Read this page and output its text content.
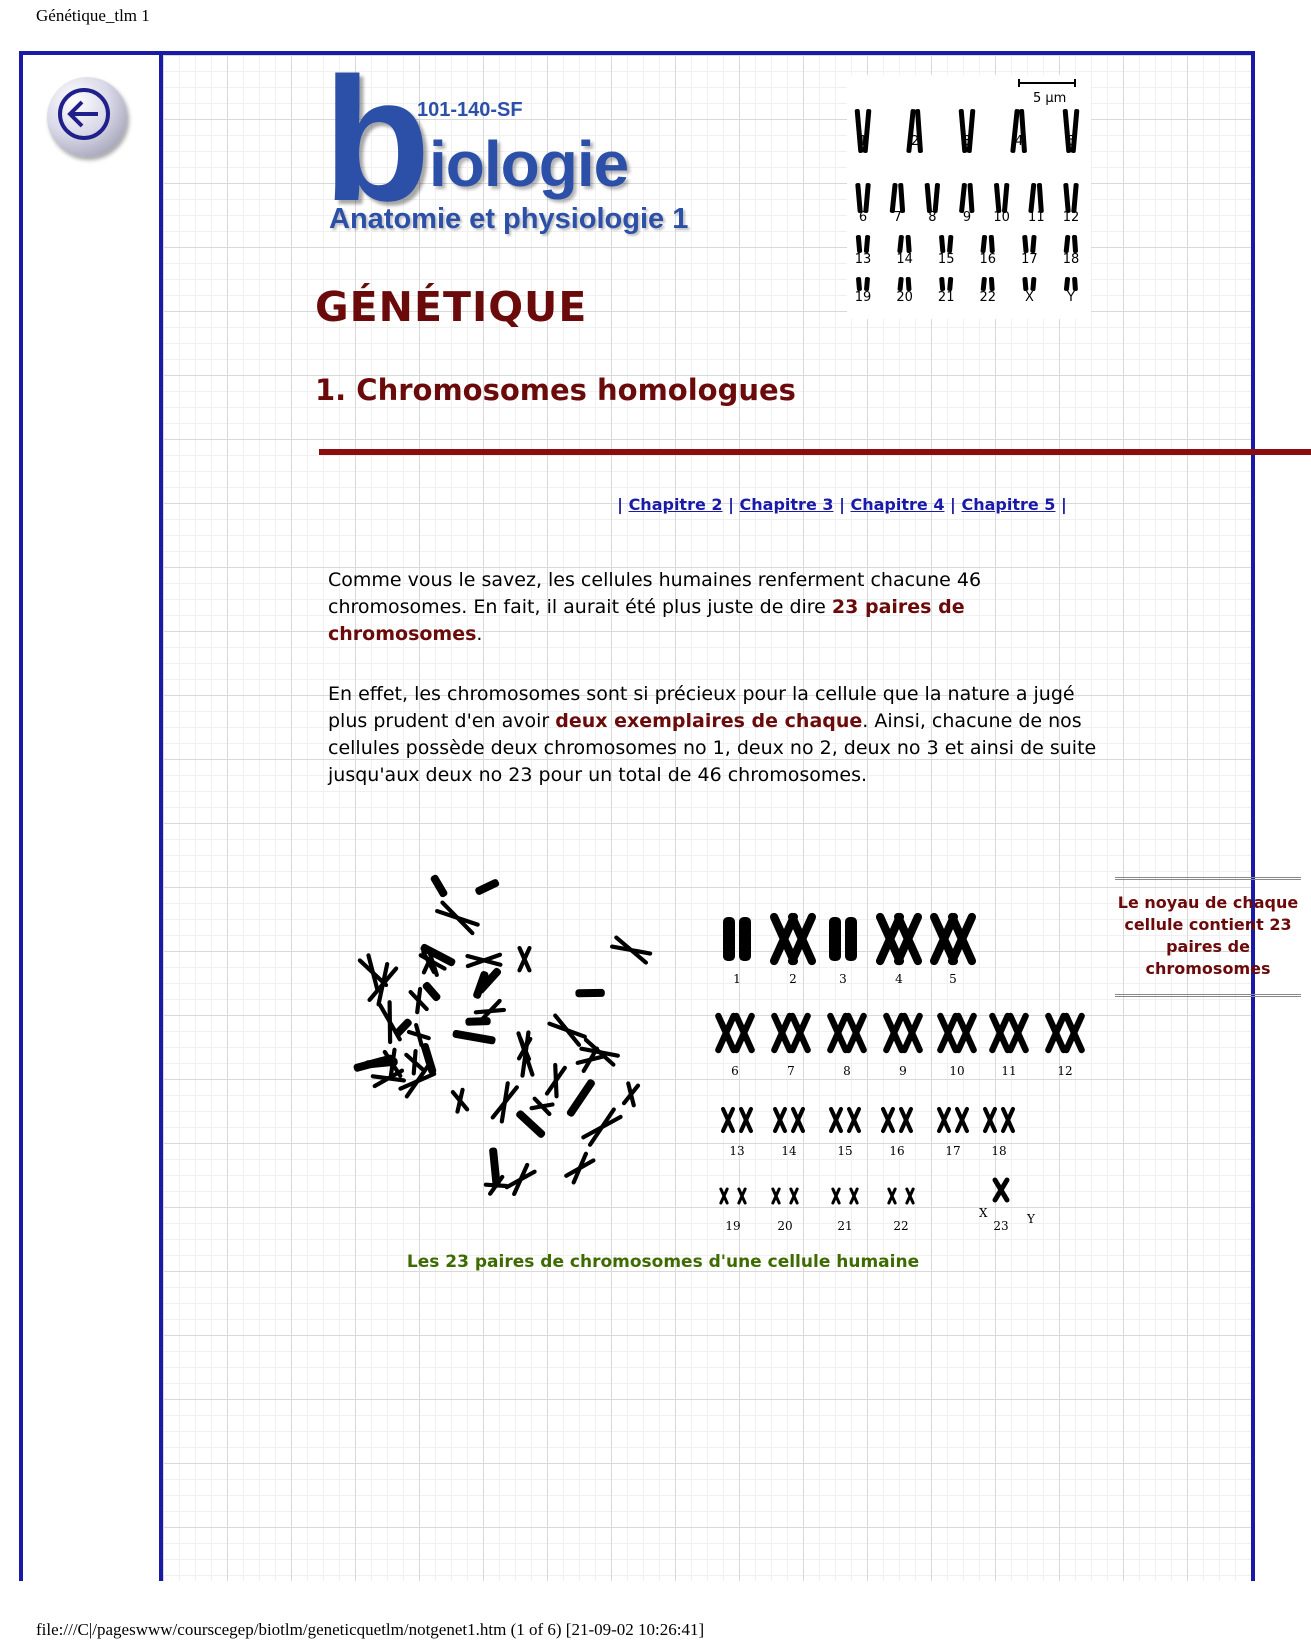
Génétique_tlm 1
b
101-140-SF
iologie
Anatomie et physiologie 1
5 µm
1	2	3	4	5
6 7 8 9 10 11 12
13 14 15 16 17 18
19 20 21 22 X	Y
GÉNÉTIQUE
1. Chromosomes homologues
| Chapitre 2 | Chapitre 3 | Chapitre 4 | Chapitre 5 |

Comme vous le savez, les cellules humaines renferment chacune 46 chromosomes. En fait, il aurait été plus juste de dire 23 paires de chromosomes.

En effet, les chromosomes sont si précieux pour la cellule que la nature a jugé plus prudent d'en avoir deux exemplaires de chaque. Ainsi, chacune de nos cellules possède deux chromosomes no 1, deux no 2, deux no 3 et ainsi de suite jusqu'aux deux no 23 pour un total de 46 chromosomes.

1	2	3	4	5
6	7	8	9	10	11	12
13	14	15	16	17	18
19	20	21	22	23
X	Y
Les 23 paires de chromosomes d'une cellule humaine
Le noyau de chaque cellule contient 23 paires de chromosomes
file:///C|/pageswww/courscegep/biotlm/geneticquetlm/notgenet1.htm (1 of 6) [21-09-02 10:26:41]
